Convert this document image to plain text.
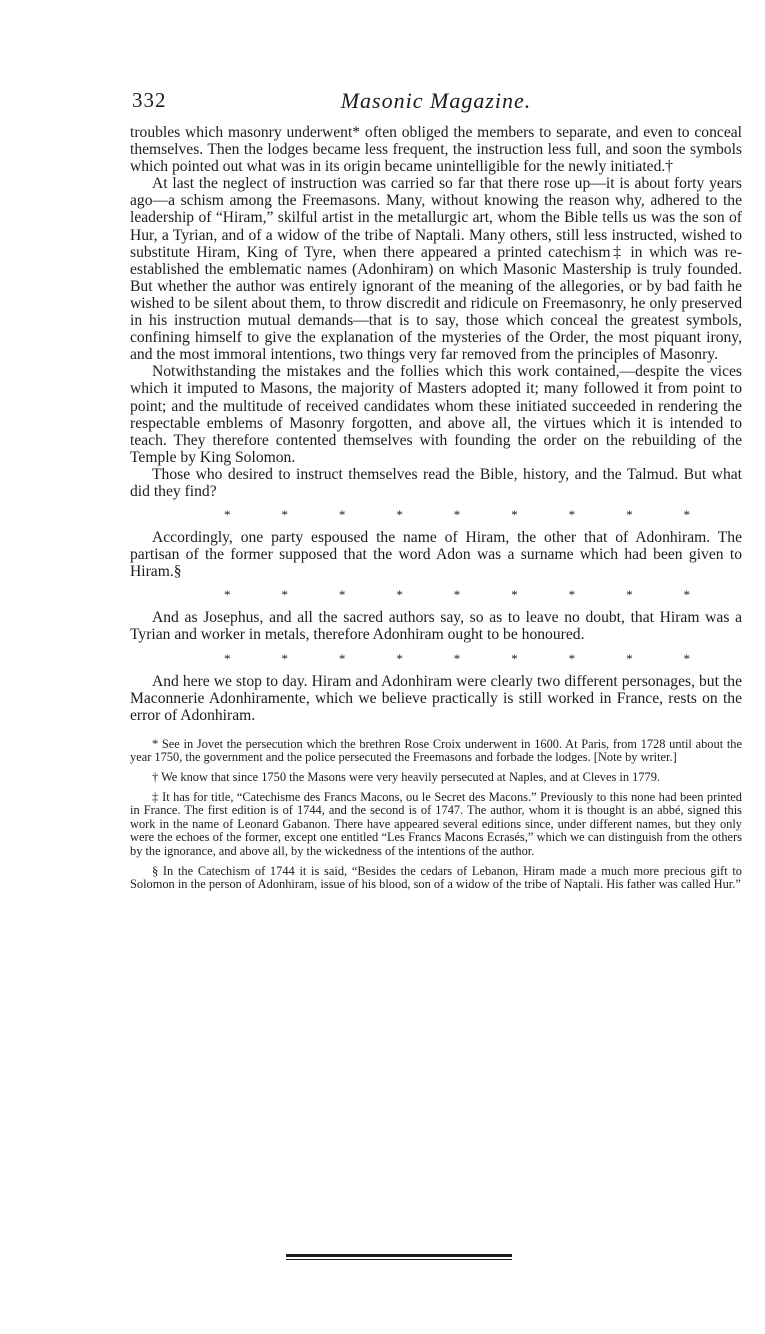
332	Masonic Magazine.

troubles which masonry underwent* often obliged the members to separate, and even to conceal themselves. Then the lodges became less frequent, the instruction less full, and soon the symbols which pointed out what was in its origin became unintelligible for the newly initiated.†

At last the neglect of instruction was carried so far that there rose up—it is about forty years ago—a schism among the Freemasons. Many, without knowing the reason why, adhered to the leadership of “Hiram,” skilful artist in the metallurgic art, whom the Bible tells us was the son of Hur, a Tyrian, and of a widow of the tribe of Naptali. Many others, still less instructed, wished to substitute Hiram, King of Tyre, when there appeared a printed catechism‡ in which was re-established the emblematic names (Adonhiram) on which Masonic Mastership is truly founded. But whether the author was entirely ignorant of the meaning of the allegories, or by bad faith he wished to be silent about them, to throw discredit and ridicule on Freemasonry, he only preserved in his instruction mutual demands—that is to say, those which conceal the greatest symbols, confining himself to give the explanation of the mysteries of the Order, the most piquant irony, and the most immoral intentions, two things very far removed from the principles of Masonry.

Notwithstanding the mistakes and the follies which this work contained,—despite the vices which it imputed to Masons, the majority of Masters adopted it; many followed it from point to point; and the multitude of received candidates whom these initiated succeeded in rendering the respectable emblems of Masonry forgotten, and above all, the virtues which it is intended to teach. They therefore contented themselves with founding the order on the rebuilding of the Temple by King Solomon.

Those who desired to instruct themselves read the Bible, history, and the Talmud. But what did they find?

*	*	*	*	*	*	*	*	*

Accordingly, one party espoused the name of Hiram, the other that of Adonhiram. The partisan of the former supposed that the word Adon was a surname which had been given to Hiram.§

*	*	*	*	*	*	*	*	*

And as Josephus, and all the sacred authors say, so as to leave no doubt, that Hiram was a Tyrian and worker in metals, therefore Adonhiram ought to be honoured.

*	*	*	*	*	*	*	*	*

And here we stop to day. Hiram and Adonhiram were clearly two different personages, but the Maconnerie Adonhiramente, which we believe practically is still worked in France, rests on the error of Adonhiram.

* See in Jovet the persecution which the brethren Rose Croix underwent in 1600. At Paris, from 1728 until about the year 1750, the government and the police persecuted the Freemasons and forbade the lodges. [Note by writer.]

† We know that since 1750 the Masons were very heavily persecuted at Naples, and at Cleves in 1779.

‡ It has for title, “Catechisme des Francs Macons, ou le Secret des Macons.” Previously to this none had been printed in France. The first edition is of 1744, and the second is of 1747. The author, whom it is thought is an abbé, signed this work in the name of Leonard Gabanon. There have appeared several editions since, under different names, but they only were the echoes of the former, except one entitled “Les Francs Macons Ecrasés,” which we can distinguish from the others by the ignorance, and above all, by the wickedness of the intentions of the author.

§ In the Catechism of 1744 it is said, “Besides the cedars of Lebanon, Hiram made a much more precious gift to Solomon in the person of Adonhiram, issue of his blood, son of a widow of the tribe of Naptali. His father was called Hur.”
